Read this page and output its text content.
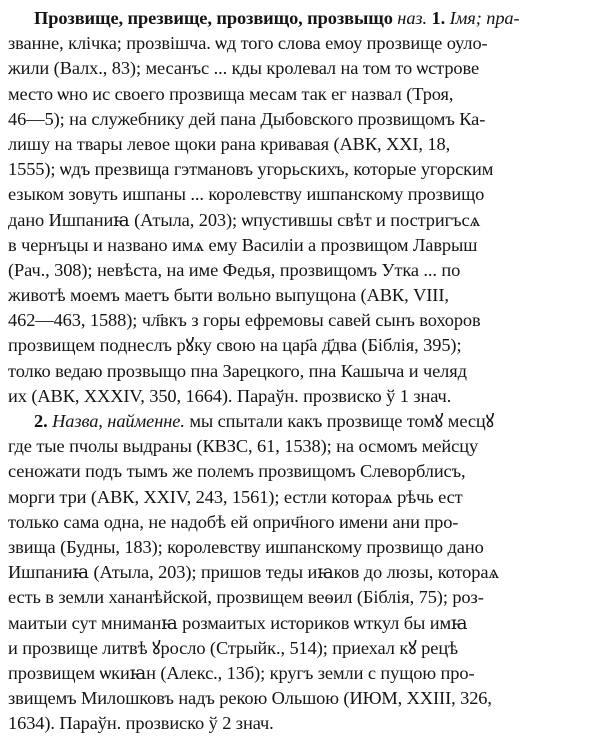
Прозвище, презвище, прозвищо, прозвыщо наз. 1. Імя; пра-
званне, клічка; прозвішча. ѡд того слова емоу прозвище оуло-
жили (Валх., 83); месанъс ... кды кролевал на том то ѡстрове
место ѡно ис своего прозвища месам так ег назвал (Троя,
46—5); на служебнику дей пана Дыбовского прозвищомъ Ка-
лишу на твары левое щоки рана кривавая (АВК, XXI, 18,
1555); ѡдъ презвища гэтмановъ угорьскихъ, которые угорским
езыком зовуть ишпаны ... королевству ишпанскому прозвищо
дано Ишпаниꙗ (Атыла, 203); ѡпустившы свѣт и постригъсѧ
в чернъцы и названо имѧ ему Василіи а прозвищом Лаврыш
(Рач., 308); невѣста, на име Федья, прозвищомъ Утка ... по
животѣ моемъ маетъ быти вольно выпущона (АВК, VIII,
462—463, 1588); чл҃вкъ з горы ефремовы савей сынъ вохоров
прозвищем поднеслъ рꙋку свою на цар҃а д҃двa (Біблія, 395);
толко ведаю прозвыщо пна Зарецкого, пна Кашыча и челяд
их (АВК, XXXIV, 350, 1664). Параўн. прозвиско ў 1 знач.
2. Назва, найменне. мы спытали какъ прозвище томꙋ месцꙋ
где тые пчолы выдраны (КВЗС, 61, 1538); на осмомъ мейсцу
сеножати подъ тымъ же полемъ прозвищомъ Слеворблисъ,
морги три (АВК, XXIV, 243, 1561); естли котораѧ рѣчь ест
только сама одна, не надобѣ ей оприч҃ного имени ани про-
звища (Будны, 183); королевству ишпанскому прозвищо дано
Ишпаниꙗ (Атыла, 203); пришов теды иꙗков до люзы, котораѧ
есть в земли хананѣйской, прозвищем веѳил (Біблія, 75); роз-
маитыи сут мниманꙗ розмаитых историков ѡткул бы имꙗ
и прозвище литвѣ ꙋросло (Стрыйк., 514); приехал кꙋ рецѣ
прозвищем ѡкиꙗн (Алекс., 13б); кругъ земли с пущою про-
звищемъ Милошковъ надъ рекою Ольшою (ИЮМ, XXIII, 326,
1634). Параўн. прозвиско ў 2 знач.
